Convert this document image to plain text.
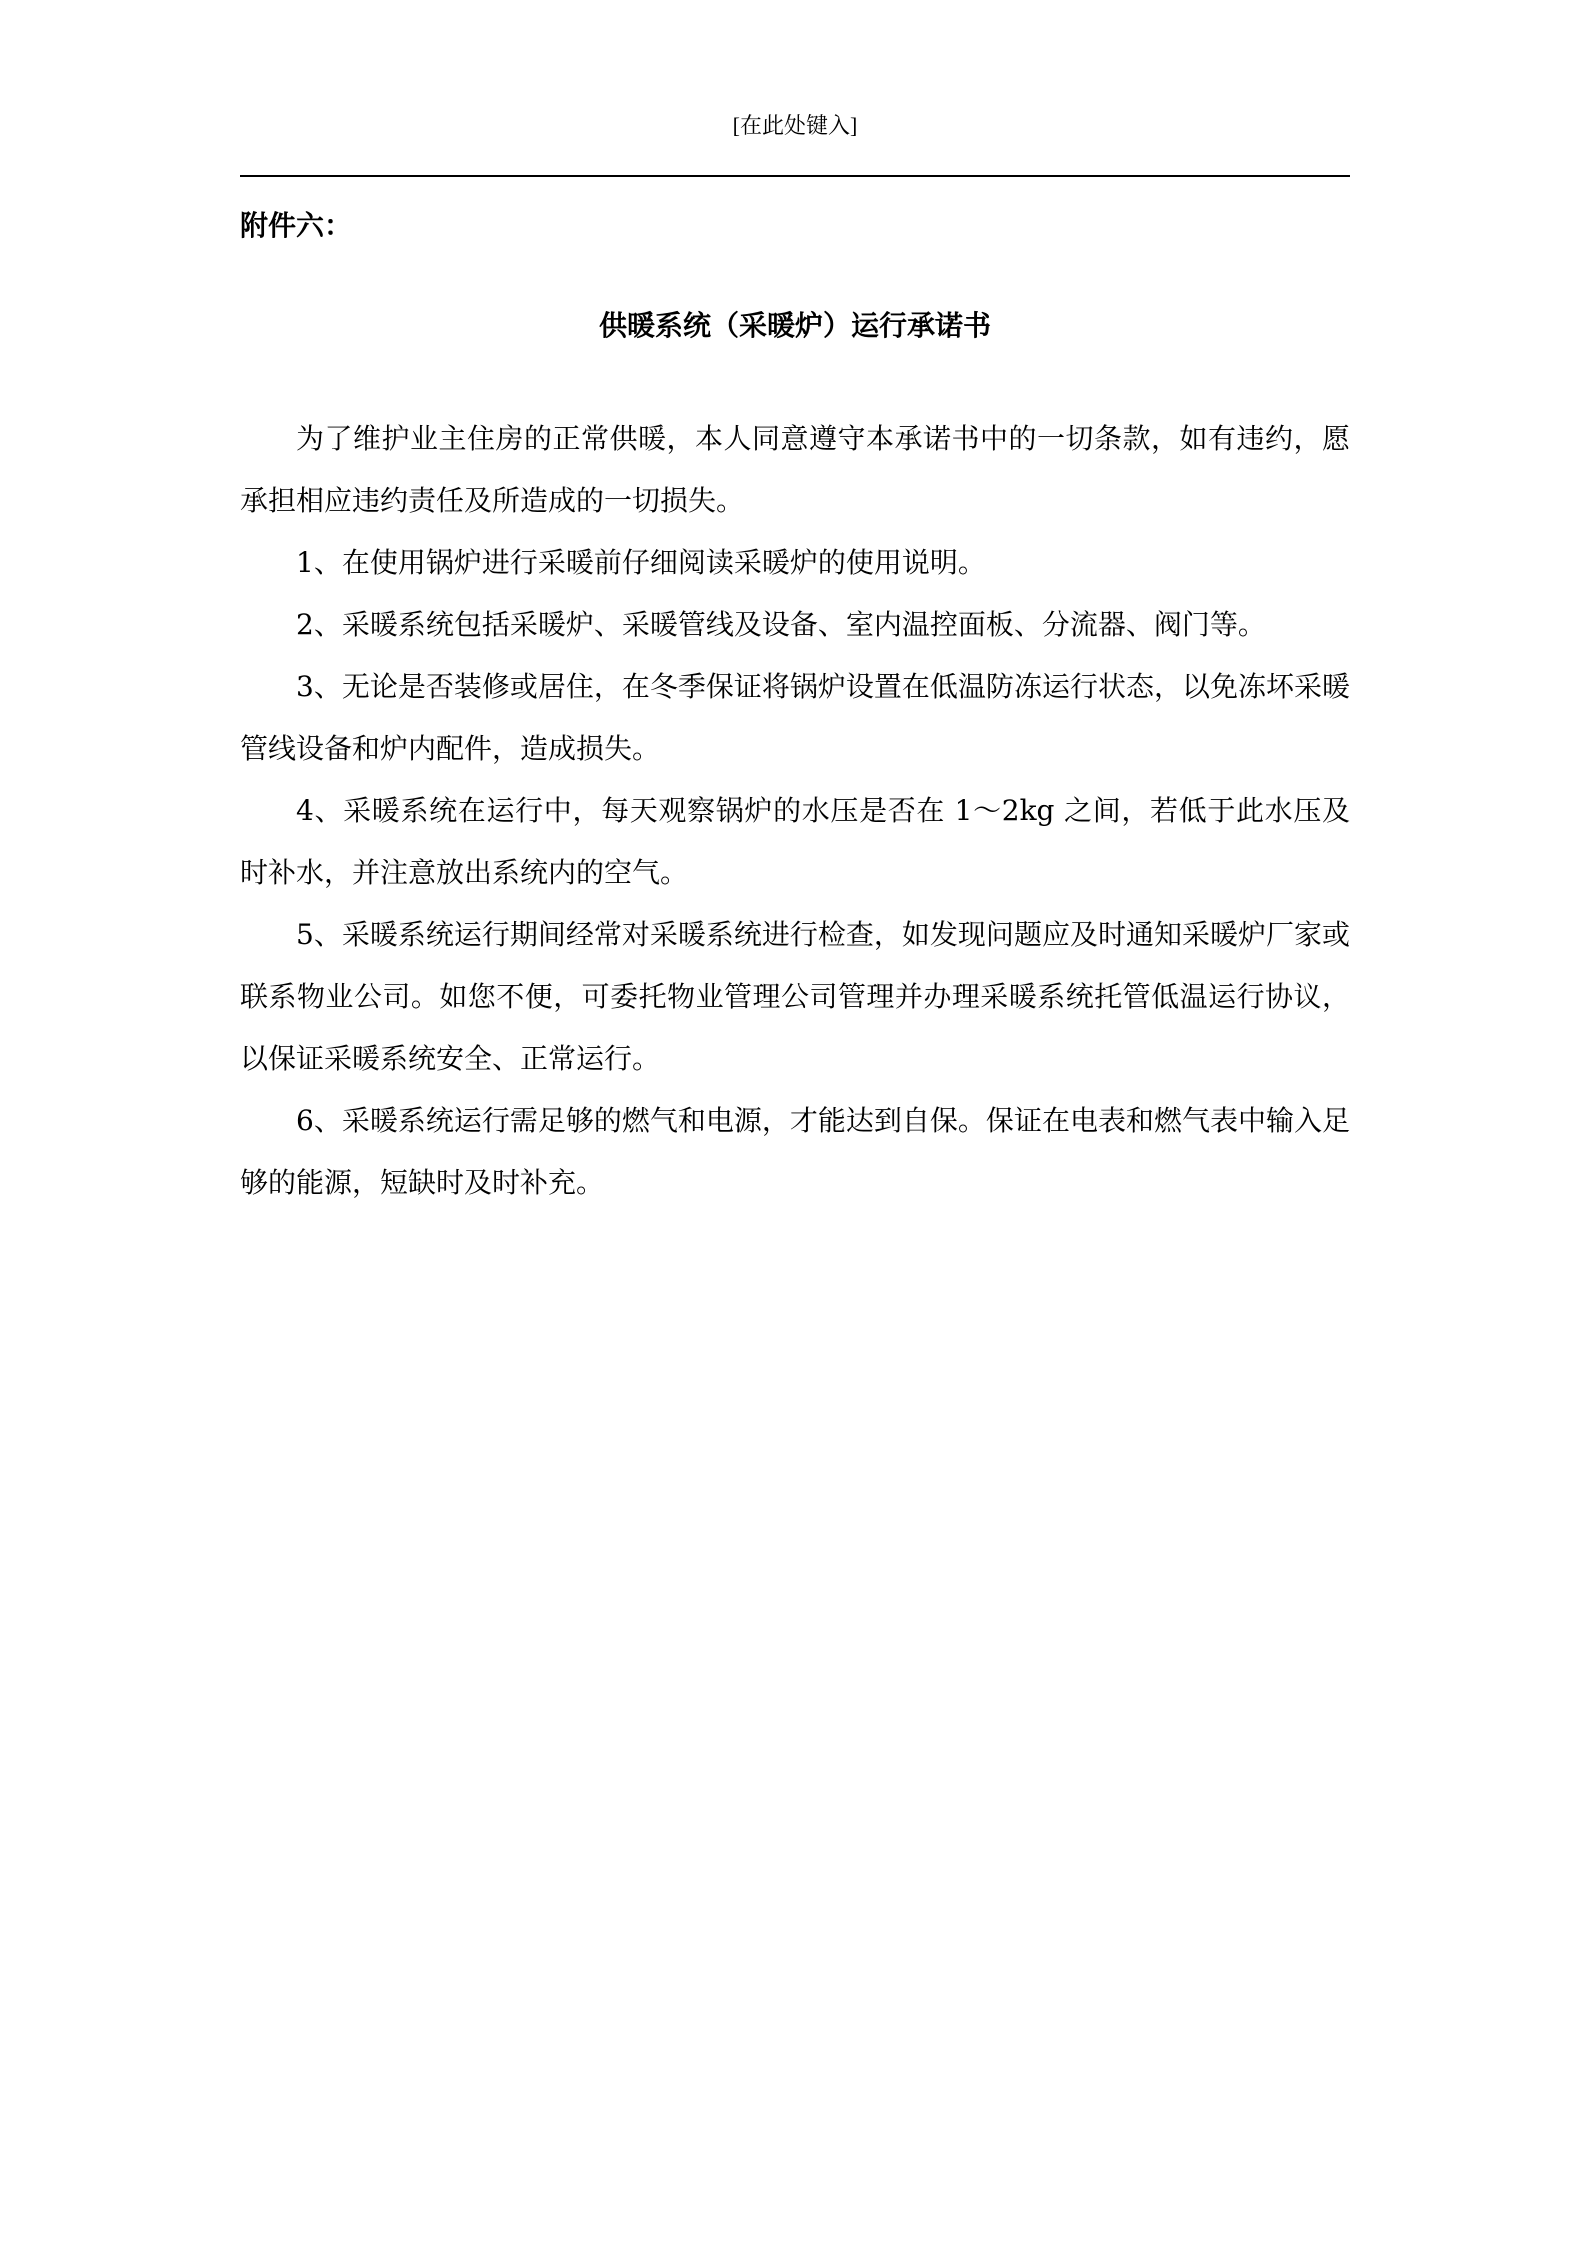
[在此处键入]
附件六：
供暖系统（采暖炉）运行承诺书

为了维护业主住房的正常供暖，本人同意遵守本承诺书中的一切条款，如有违约，愿承担相应违约责任及所造成的一切损失。

1、在使用锅炉进行采暖前仔细阅读采暖炉的使用说明。

2、采暖系统包括采暖炉、采暖管线及设备、室内温控面板、分流器、阀门等。

3、无论是否装修或居住，在冬季保证将锅炉设置在低温防冻运行状态，以免冻坏采暖管线设备和炉内配件，造成损失。

4、采暖系统在运行中，每天观察锅炉的水压是否在 1～2kg 之间，若低于此水压及时补水，并注意放出系统内的空气。

5、采暖系统运行期间经常对采暖系统进行检查，如发现问题应及时通知采暖炉厂家或联系物业公司。如您不便，可委托物业管理公司管理并办理采暖系统托管低温运行协议，以保证采暖系统安全、正常运行。

6、采暖系统运行需足够的燃气和电源，才能达到自保。保证在电表和燃气表中输入足够的能源，短缺时及时补充。
